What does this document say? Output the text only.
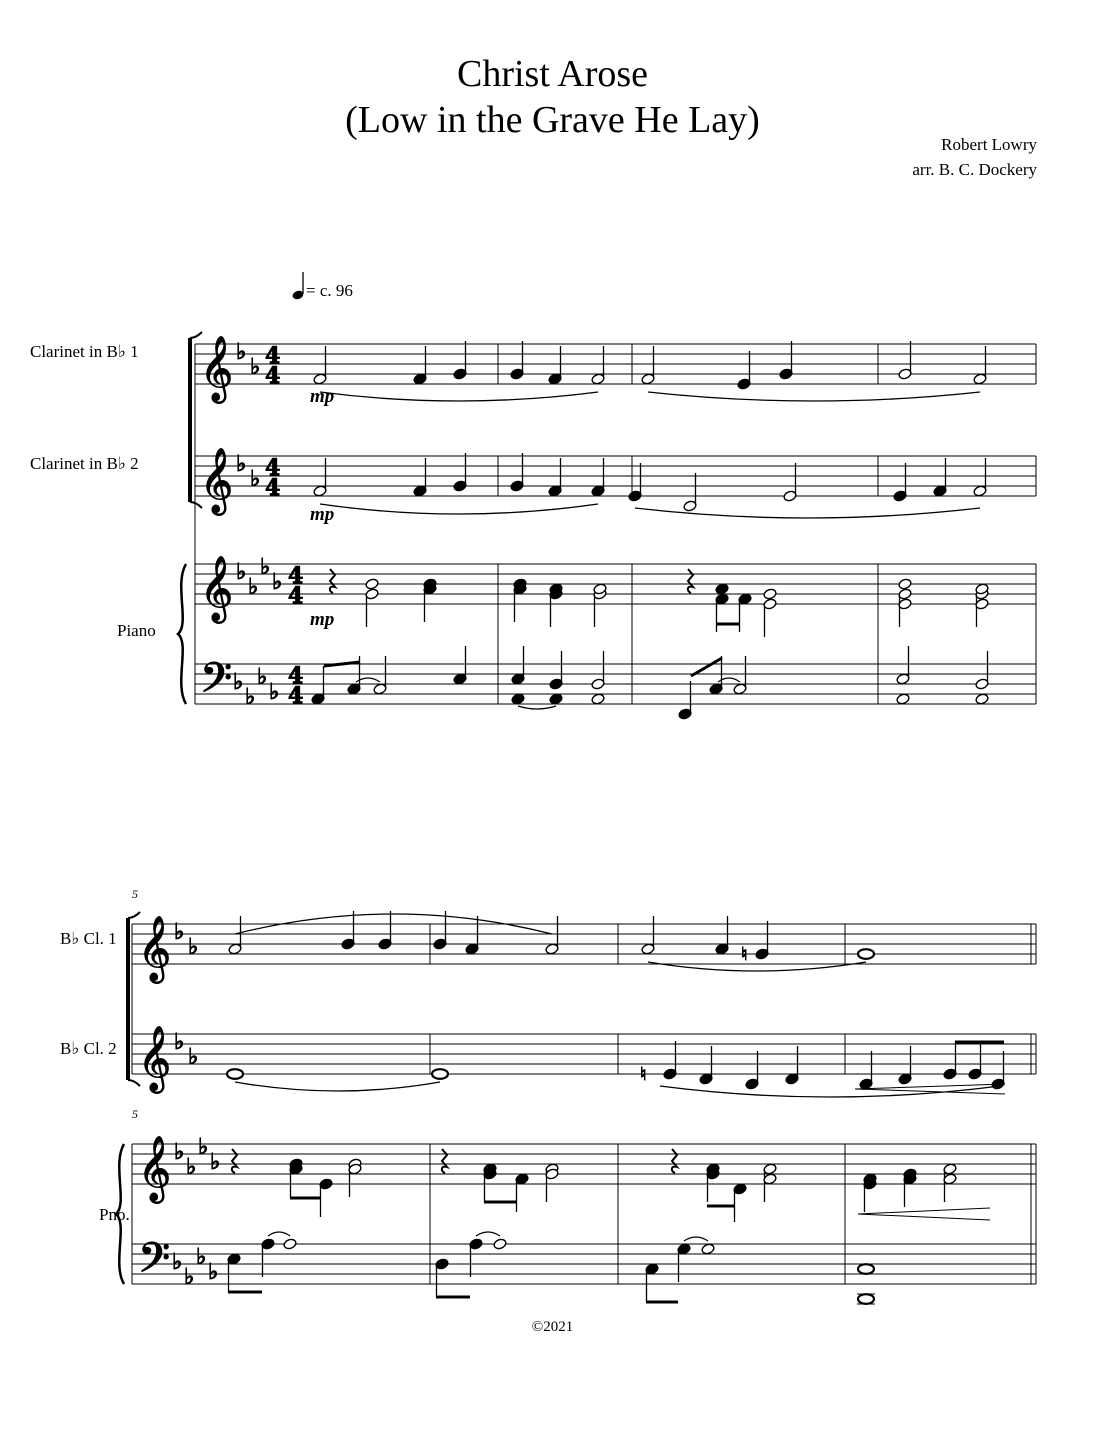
Christ Arose
(Low in the Grave He Lay)
Robert Lowry
arr. B. C. Dockery
Clarinet in B♭ 1
Clarinet in B♭ 2
Piano
B♭ Cl. 1
B♭ Cl. 2
Pno.
= c. 96
5
5
©2021
𝄞
𝄞
𝄞
𝄢
♭
♭
♭
♭
♭
♭
♭
♭
♭
♭
♭
♭
4
4
4
4
4
4
4
4
𝄞
𝄞
𝄞
𝄢
♭
♭
♭
♭
♭
♭
♭
♭
♭
♭
♭
♭
♮
♮
mp
mp
mp
